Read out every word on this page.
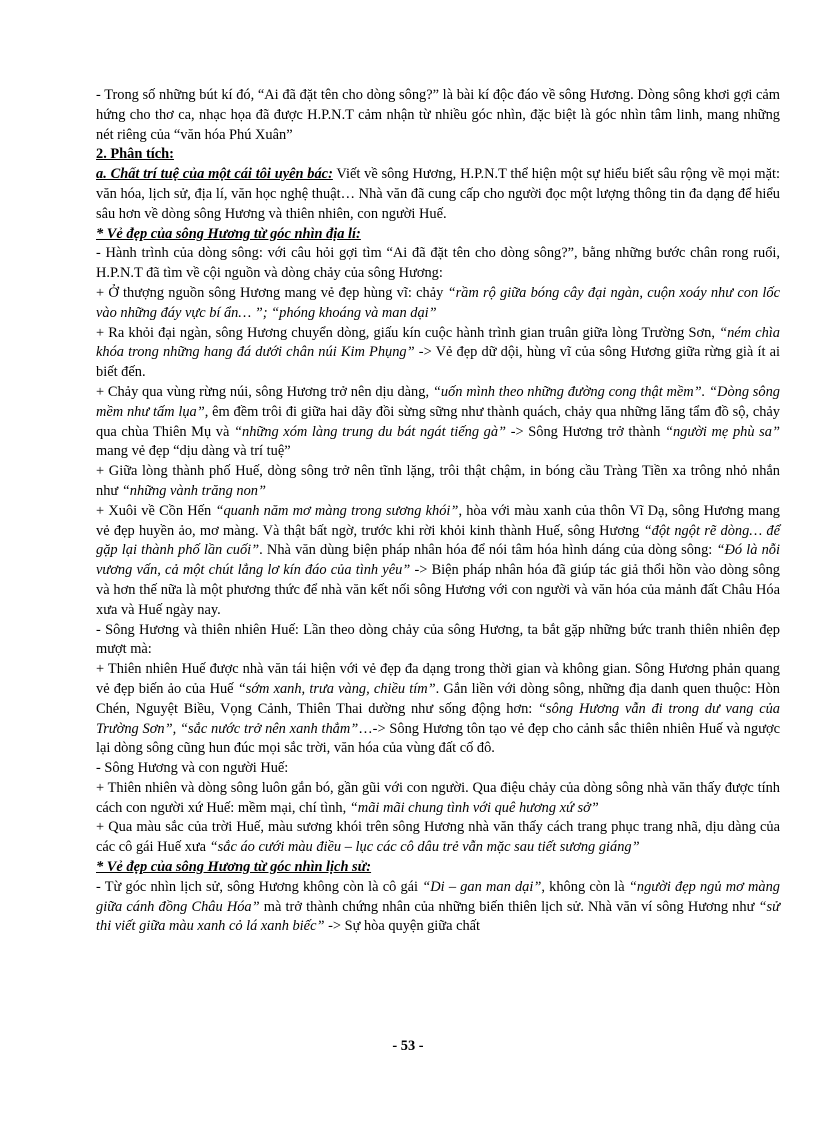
- Trong số những bút kí đó, “Ai đã đặt tên cho dòng sông?” là bài kí độc đáo về sông Hương. Dòng sông khơi gợi cảm hứng cho thơ ca, nhạc họa đã được H.P.N.T cảm nhận từ nhiều góc nhìn, đặc biệt là góc nhìn tâm linh, mang những nét riêng của “văn hóa Phú Xuân”

2. Phân tích:

a. Chất trí tuệ của một cái tôi uyên bác: Viết về sông Hương, H.P.N.T thể hiện một sự hiểu biết sâu rộng về mọi mặt: văn hóa, lịch sử, địa lí, văn học nghệ thuật… Nhà văn đã cung cấp cho người đọc một lượng thông tin đa dạng để hiểu sâu hơn về dòng sông Hương và thiên nhiên, con người Huế.

* Vẻ đẹp của sông Hương từ góc nhìn địa lí:

- Hành trình của dòng sông: với câu hỏi gợi tìm “Ai đã đặt tên cho dòng sông?”, bằng những bước chân rong ruổi, H.P.N.T đã tìm về cội nguồn và dòng chảy của sông Hương:

+ Ở thượng nguồn sông Hương mang vẻ đẹp hùng vĩ: chảy “rầm rộ giữa bóng cây đại ngàn, cuộn xoáy như con lốc vào những đáy vực bí ẩn… ”; “phóng khoáng và man dại”

+ Ra khỏi đại ngàn, sông Hương chuyển dòng, giấu kín cuộc hành trình gian truân giữa lòng Trường Sơn, “ném chìa khóa trong những hang đá dưới chân núi Kim Phụng” -> Vẻ đẹp dữ dội, hùng vĩ của sông Hương giữa rừng già ít ai biết đến.

+ Chảy qua vùng rừng núi, sông Hương trở nên dịu dàng, “uốn mình theo những đường cong thật mềm”. “Dòng sông mềm như tấm lụa”, êm đềm trôi đi giữa hai dãy đồi sừng sững như thành quách, chảy qua những lăng tẩm đồ sộ, chảy qua chùa Thiên Mụ và “những xóm làng trung du bát ngát tiếng gà” -> Sông Hương trở thành “người mẹ phù sa” mang vẻ đẹp “dịu dàng và trí tuệ”

+ Giữa lòng thành phố Huế, dòng sông trở nên tĩnh lặng, trôi thật chậm, in bóng cầu Tràng Tiền xa trông nhỏ nhắn như “những vành trăng non”

+ Xuôi về Cồn Hến “quanh năm mơ màng trong sương khói”, hòa với màu xanh của thôn Vĩ Dạ, sông Hương mang vẻ đẹp huyền ảo, mơ màng. Và thật bất ngờ, trước khi rời khỏi kinh thành Huế, sông Hương “đột ngột rẽ dòng… để gặp lại thành phố lần cuối”. Nhà văn dùng biện pháp nhân hóa để nói tâm hóa hình dáng của dòng sông: “Đó là nỗi vương vấn, cả một chút lẳng lơ kín đáo của tình yêu” -> Biện pháp nhân hóa đã giúp tác giả thổi hồn vào dòng sông và hơn thế nữa là một phương thức để nhà văn kết nối sông Hương với con người và văn hóa của mảnh đất Châu Hóa xưa và Huế ngày nay.

- Sông Hương và thiên nhiên Huế: Lần theo dòng chảy của sông Hương, ta bắt gặp những bức tranh thiên nhiên đẹp mượt mà:

+ Thiên nhiên Huế được nhà văn tái hiện với vẻ đẹp đa dạng trong thời gian và không gian. Sông Hương phản quang vẻ đẹp biến ảo của Huế “sớm xanh, trưa vàng, chiều tím”. Gắn liền với dòng sông, những địa danh quen thuộc: Hòn Chén, Nguyệt Biều, Vọng Cảnh, Thiên Thai dường như sống động hơn: “sông Hương vẫn đi trong dư vang của Trường Sơn”, “sắc nước trở nên xanh thẳm”…-> Sông Hương tôn tạo vẻ đẹp cho cảnh sắc thiên nhiên Huế và ngược lại dòng sông cũng hun đúc mọi sắc trời, văn hóa của vùng đất cố đô.

- Sông Hương và con người Huế:

+ Thiên nhiên và dòng sông luôn gắn bó, gần gũi với con người. Qua điệu chảy của dòng sông nhà văn thấy được tính cách con người xứ Huế: mềm mại, chí tình, “mãi mãi chung tình với quê hương xứ sở”

+ Qua màu sắc của trời Huế, màu sương khói trên sông Hương nhà văn thấy cách trang phục trang nhã, dịu dàng của các cô gái Huế xưa “sắc áo cưới màu điều – lục các cô dâu trẻ vẫn mặc sau tiết sương giáng”

* Vẻ đẹp của sông Hương từ góc nhìn lịch sử:

- Từ góc nhìn lịch sử, sông Hương không còn là cô gái “Di – gan man dại”, không còn là “người đẹp ngủ mơ màng giữa cánh đồng Châu Hóa” mà trở thành chứng nhân của những biến thiên lịch sử. Nhà văn ví sông Hương như “sử thi viết giữa màu xanh cỏ lá xanh biếc” -> Sự hòa quyện giữa chất

- 53 -
